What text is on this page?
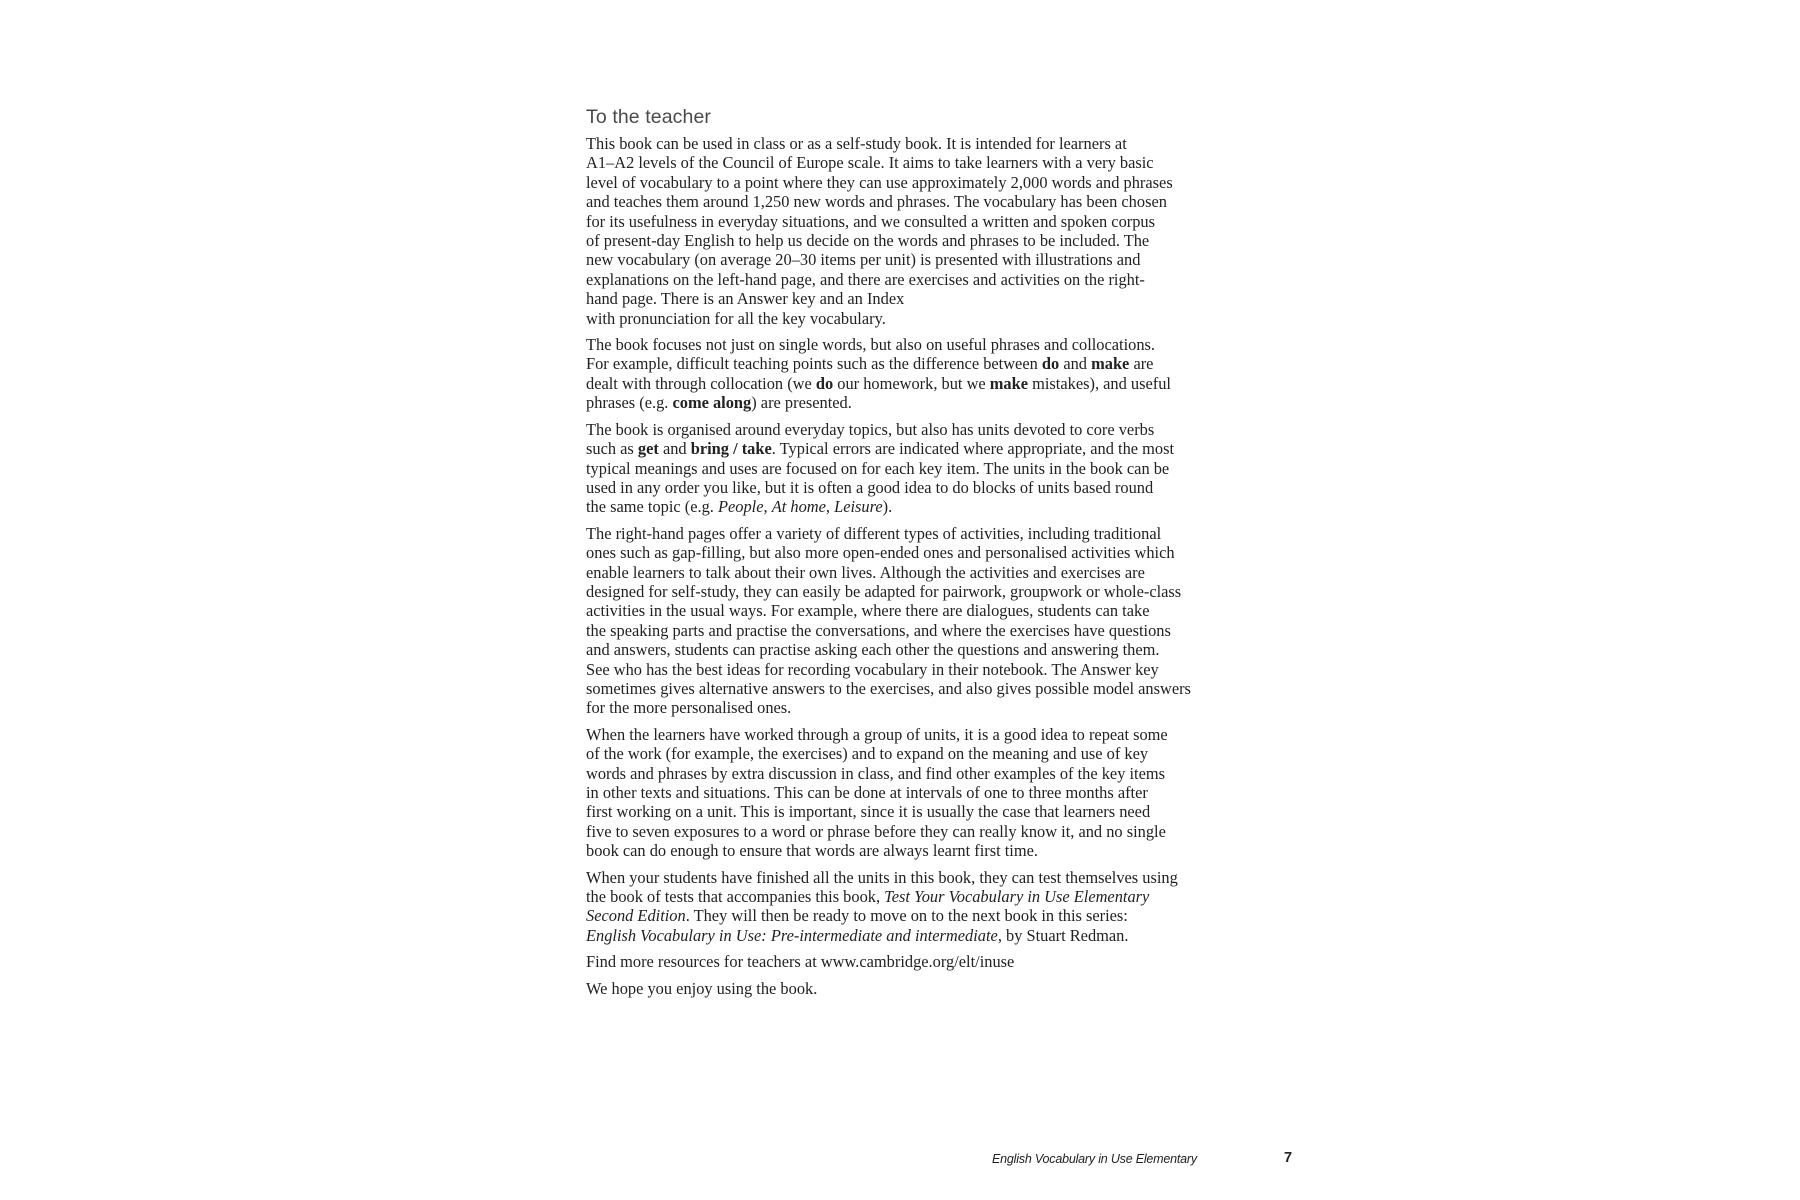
To the teacher
This book can be used in class or as a self-study book. It is intended for learners at
A1–A2 levels of the Council of Europe scale. It aims to take learners with a very basic
level of vocabulary to a point where they can use approximately 2,000 words and phrases
and teaches them around 1,250 new words and phrases. The vocabulary has been chosen
for its usefulness in everyday situations, and we consulted a written and spoken corpus
of present-day English to help us decide on the words and phrases to be included. The
new vocabulary (on average 20–30 items per unit) is presented with illustrations and
explanations on the left-hand page, and there are exercises and activities on the right-
hand page. There is an Answer key and an Index
with pronunciation for all the key vocabulary.
The book focuses not just on single words, but also on useful phrases and collocations.
For example, difficult teaching points such as the difference between do and make are
dealt with through collocation (we do our homework, but we make mistakes), and useful
phrases (e.g. come along) are presented.
The book is organised around everyday topics, but also has units devoted to core verbs
such as get and bring / take. Typical errors are indicated where appropriate, and the most
typical meanings and uses are focused on for each key item. The units in the book can be
used in any order you like, but it is often a good idea to do blocks of units based round
the same topic (e.g. People, At home, Leisure).
The right-hand pages offer a variety of different types of activities, including traditional
ones such as gap-filling, but also more open-ended ones and personalised activities which
enable learners to talk about their own lives. Although the activities and exercises are
designed for self-study, they can easily be adapted for pairwork, groupwork or whole-class
activities in the usual ways. For example, where there are dialogues, students can take
the speaking parts and practise the conversations, and where the exercises have questions
and answers, students can practise asking each other the questions and answering them.
See who has the best ideas for recording vocabulary in their notebook. The Answer key
sometimes gives alternative answers to the exercises, and also gives possible model answers
for the more personalised ones.
When the learners have worked through a group of units, it is a good idea to repeat some
of the work (for example, the exercises) and to expand on the meaning and use of key
words and phrases by extra discussion in class, and find other examples of the key items
in other texts and situations. This can be done at intervals of one to three months after
first working on a unit. This is important, since it is usually the case that learners need
five to seven exposures to a word or phrase before they can really know it, and no single
book can do enough to ensure that words are always learnt first time.
When your students have finished all the units in this book, they can test themselves using
the book of tests that accompanies this book, Test Your Vocabulary in Use Elementary
Second Edition. They will then be ready to move on to the next book in this series:
English Vocabulary in Use: Pre-intermediate and intermediate, by Stuart Redman.
Find more resources for teachers at www.cambridge.org/elt/inuse
We hope you enjoy using the book.
English Vocabulary in Use Elementary	7
